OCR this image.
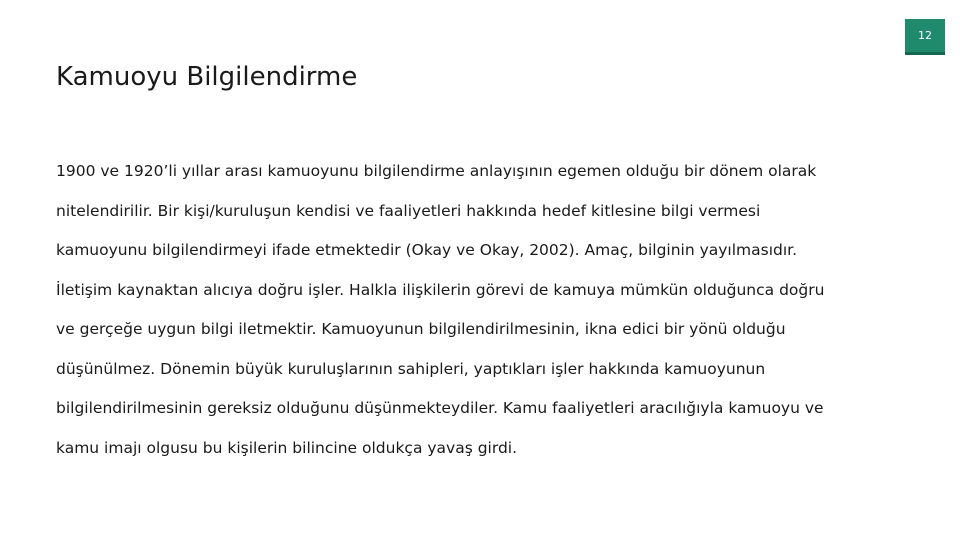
12
Kamuoyu Bilgilendirme

1900 ve 1920’li yıllar arası kamuoyunu bilgilendirme anlayışının egemen olduğu bir dönem olarak
nitelendirilir. Bir kişi/kuruluşun kendisi ve faaliyetleri hakkında hedef kitlesine bilgi vermesi
kamuoyunu bilgilendirmeyi ifade etmektedir (Okay ve Okay, 2002). Amaç, bilginin yayılmasıdır.
İletişim kaynaktan alıcıya doğru işler. Halkla ilişkilerin görevi de kamuya mümkün olduğunca doğru
ve gerçeğe uygun bilgi iletmektir. Kamuoyunun bilgilendirilmesinin, ikna edici bir yönü olduğu
düşünülmez. Dönemin büyük kuruluşlarının sahipleri, yaptıkları işler hakkında kamuoyunun
bilgilendirilmesinin gereksiz olduğunu düşünmekteydiler. Kamu faaliyetleri aracılığıyla kamuoyu ve
kamu imajı olgusu bu kişilerin bilincine oldukça yavaş girdi.
